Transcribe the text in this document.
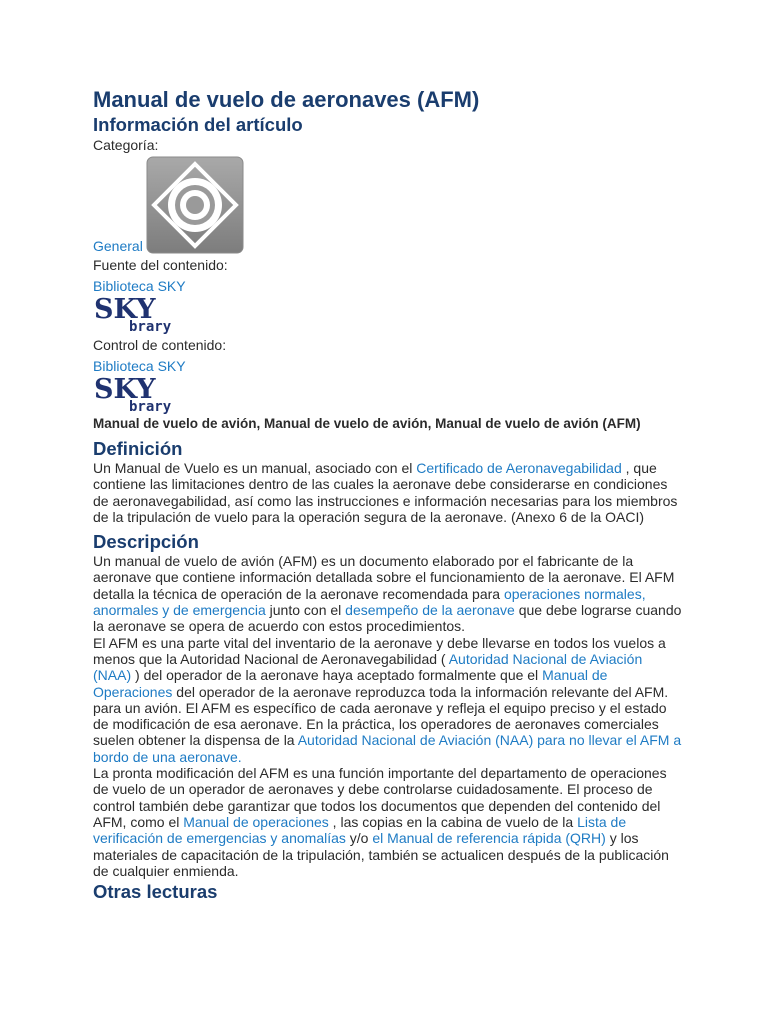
Manual de vuelo de aeronaves (AFM)
Información del artículo
Categoría:
General
Fuente del contenido:
Biblioteca SKY
SKY
brary
Control de contenido:
Biblioteca SKY
SKY
brary
Manual de vuelo de avión, Manual de vuelo de avión, Manual de vuelo de avión (AFM)
Definición

Un Manual de Vuelo es un manual, asociado con el Certificado de Aeronavegabilidad , que contiene las limitaciones dentro de las cuales la aeronave debe considerarse en condiciones de aeronavegabilidad, así como las instrucciones e información necesarias para los miembros de la tripulación de vuelo para la operación segura de la aeronave. (Anexo 6 de la OACI)

Descripción

Un manual de vuelo de avión (AFM) es un documento elaborado por el fabricante de la aeronave que contiene información detallada sobre el funcionamiento de la aeronave. El AFM detalla la técnica de operación de la aeronave recomendada para operaciones normales, anormales y de emergencia junto con el desempeño de la aeronave que debe lograrse cuando la aeronave se opera de acuerdo con estos procedimientos.

El AFM es una parte vital del inventario de la aeronave y debe llevarse en todos los vuelos a menos que la Autoridad Nacional de Aeronavegabilidad ( Autoridad Nacional de Aviación (NAA) ) del operador de la aeronave haya aceptado formalmente que el Manual de Operaciones del operador de la aeronave reproduzca toda la información relevante del AFM. para un avión. El AFM es específico de cada aeronave y refleja el equipo preciso y el estado de modificación de esa aeronave. En la práctica, los operadores de aeronaves comerciales suelen obtener la dispensa de la Autoridad Nacional de Aviación (NAA) para no llevar el AFM a bordo de una aeronave.

La pronta modificación del AFM es una función importante del departamento de operaciones de vuelo de un operador de aeronaves y debe controlarse cuidadosamente. El proceso de control también debe garantizar que todos los documentos que dependen del contenido del AFM, como el Manual de operaciones , las copias en la cabina de vuelo de la Lista de verificación de emergencias y anomalías y/o el Manual de referencia rápida (QRH) y los materiales de capacitación de la tripulación, también se actualicen después de la publicación de cualquier enmienda.

Otras lecturas
